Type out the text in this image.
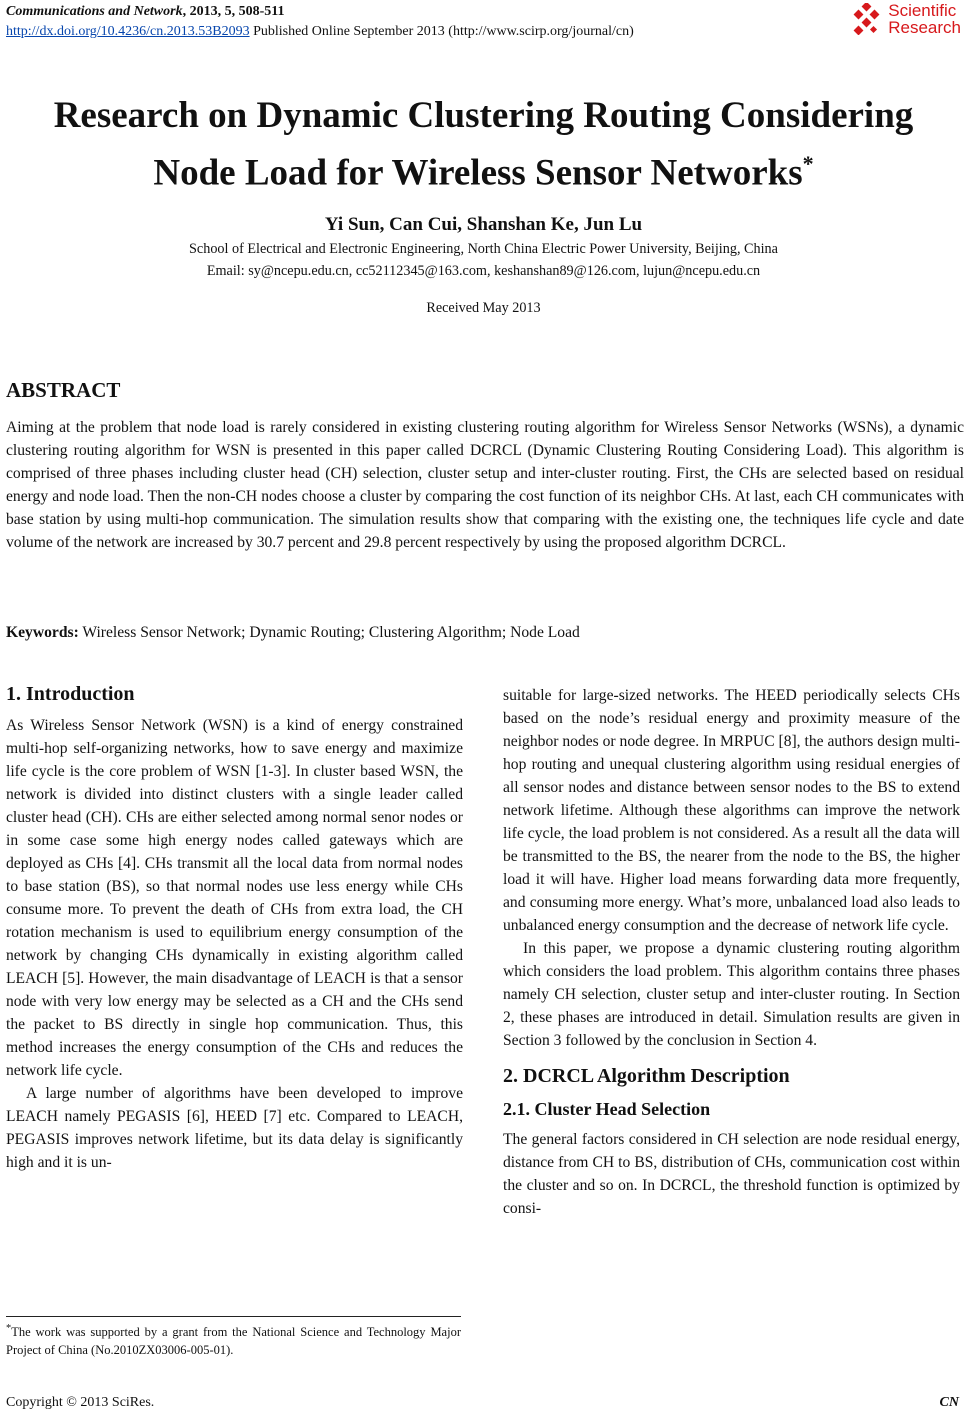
Communications and Network, 2013, 5, 508-511
http://dx.doi.org/10.4236/cn.2013.53B2093 Published Online September 2013 (http://www.scirp.org/journal/cn)
Scientific
Research
Research on Dynamic Clustering Routing Considering
Node Load for Wireless Sensor Networks*
Yi Sun, Can Cui, Shanshan Ke, Jun Lu
School of Electrical and Electronic Engineering, North China Electric Power University, Beijing, China
Email: sy@ncepu.edu.cn, cc52112345@163.com, keshanshan89@126.com, lujun@ncepu.edu.cn
Received May 2013
ABSTRACT

Aiming at the problem that node load is rarely considered in existing clustering routing algorithm for Wireless Sensor Networks (WSNs), a dynamic clustering routing algorithm for WSN is presented in this paper called DCRCL (Dynamic Clustering Routing Considering Load). This algorithm is comprised of three phases including cluster head (CH) selection, cluster setup and inter-cluster routing. First, the CHs are selected based on residual energy and node load. Then the non-CH nodes choose a cluster by comparing the cost function of its neighbor CHs. At last, each CH communicates with base station by using multi-hop communication. The simulation results show that comparing with the existing one, the techniques life cycle and date volume of the network are increased by 30.7 percent and 29.8 percent respectively by using the proposed algorithm DCRCL.

Keywords: Wireless Sensor Network; Dynamic Routing; Clustering Algorithm; Node Load
1. Introduction

As Wireless Sensor Network (WSN) is a kind of energy constrained multi-hop self-organizing networks, how to save energy and maximize life cycle is the core problem of WSN [1-3]. In cluster based WSN, the network is divided into distinct clusters with a single leader called cluster head (CH). CHs are either selected among normal senor nodes or in some case some high energy nodes called gateways which are deployed as CHs [4]. CHs transmit all the local data from normal nodes to base station (BS), so that normal nodes use less energy while CHs consume more. To prevent the death of CHs from extra load, the CH rotation mechanism is used to equilibrium energy consumption of the network by changing CHs dynamically in existing algorithm called LEACH [5]. However, the main disadvantage of LEACH is that a sensor node with very low energy may be selected as a CH and the CHs send the packet to BS directly in single hop communication. Thus, this method increases the energy consumption of the CHs and reduces the network life cycle.

A large number of algorithms have been developed to improve LEACH namely PEGASIS [6], HEED [7] etc. Compared to LEACH, PEGASIS improves network lifetime, but its data delay is significantly high and it is un-

suitable for large-sized networks. The HEED periodically selects CHs based on the node’s residual energy and proximity measure of the neighbor nodes or node degree. In MRPUC [8], the authors design multi-hop routing and unequal clustering algorithm using residual energies of all sensor nodes and distance between sensor nodes to the BS to extend network lifetime. Although these algorithms can improve the network life cycle, the load problem is not considered. As a result all the data will be transmitted to the BS, the nearer from the node to the BS, the higher load it will have. Higher load means forwarding data more frequently, and consuming more energy. What’s more, unbalanced load also leads to unbalanced energy consumption and the decrease of network life cycle.

In this paper, we propose a dynamic clustering routing algorithm which considers the load problem. This algorithm contains three phases namely CH selection, cluster setup and inter-cluster routing. In Section 2, these phases are introduced in detail. Simulation results are given in Section 3 followed by the conclusion in Section 4.

2. DCRCL Algorithm Description
2.1. Cluster Head Selection

The general factors considered in CH selection are node residual energy, distance from CH to BS, distribution of CHs, communication cost within the cluster and so on. In DCRCL, the threshold function is optimized by consi-

*The work was supported by a grant from the National Science and Technology Major Project of China (No.2010ZX03006-005-01).
Copyright © 2013 SciRes.	CN
